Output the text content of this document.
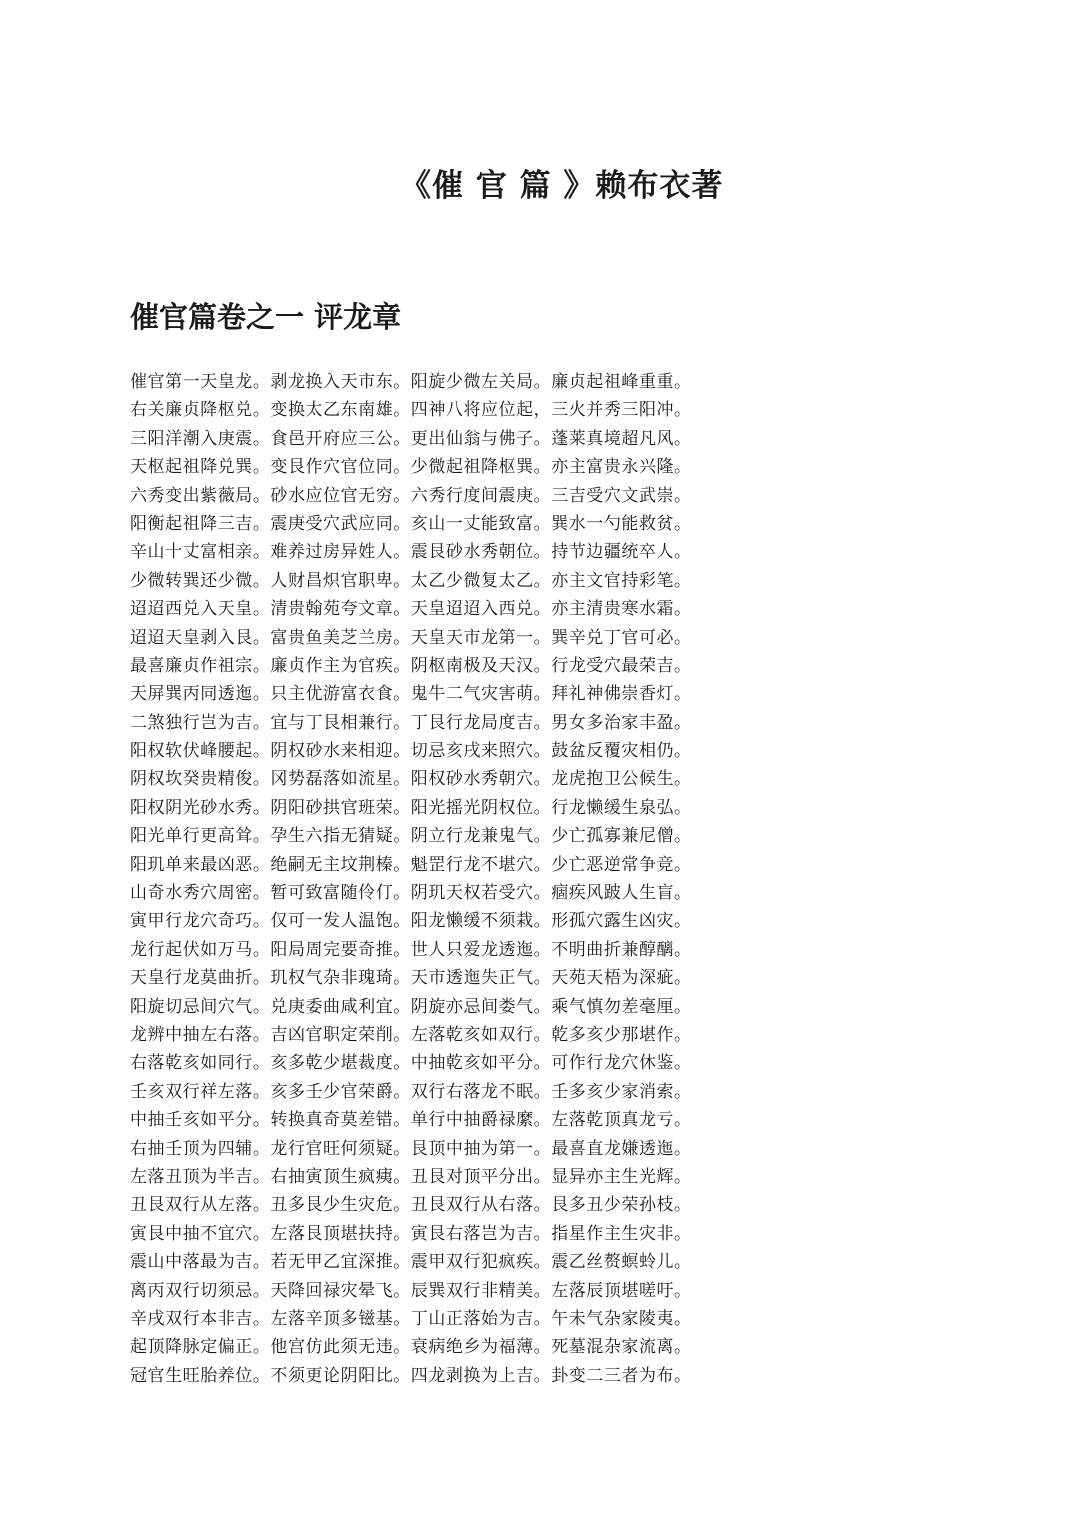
《催 官 篇 》赖布衣著
催官篇卷之一 评龙章
催官第一天皇龙。剥龙换入天市东。阳旋少微左关局。廉贞起祖峰重重。
右关廉贞降枢兑。变换太乙东南雄。四神八将应位起，三火并秀三阳冲。
三阳洋潮入庚震。食邑开府应三公。更出仙翁与佛子。蓬莱真境超凡风。
天枢起祖降兑巽。变艮作穴官位同。少微起祖降枢巽。亦主富贵永兴隆。
六秀变出紫薇局。砂水应位官无穷。六秀行度间震庚。三吉受穴文武崇。
阳衡起祖降三吉。震庚受穴武应同。亥山一丈能致富。巽水一勺能救贫。
辛山十丈富相亲。难养过房异姓人。震艮砂水秀朝位。持节边疆统卒人。
少微转巽还少微。人财昌炽官职卑。太乙少微复太乙。亦主文官持彩笔。
迢迢西兑入天皇。清贵翰苑夸文章。天皇迢迢入西兑。亦主清贵寒水霜。
迢迢天皇剥入艮。富贵鱼美芝兰房。天皇天市龙第一。巽辛兑丁官可必。
最喜廉贞作祖宗。廉贞作主为官疾。阴枢南极及天汉。行龙受穴最荣吉。
天屏巽丙同透迤。只主优游富衣食。鬼牛二气灾害萌。拜礼神佛崇香灯。
二煞独行岂为吉。宜与丁艮相兼行。丁艮行龙局度吉。男女多治家丰盈。
阳权软伏峰腰起。阴权砂水来相迎。切忌亥戌来照穴。鼓盆反覆灾相仍。
阴权坎癸贵精俊。冈势磊落如流星。阳权砂水秀朝穴。龙虎抱卫公候生。
阳权阴光砂水秀。阴阳砂拱官班荣。阳光摇光阴权位。行龙懒缓生泉弘。
阳光单行更高耸。孕生六指无猜疑。阴立行龙兼鬼气。少亡孤寡兼尼僧。
阳玑单来最凶恶。绝嗣无主坟荆榛。魁罡行龙不堪穴。少亡恶逆常争竞。
山奇水秀穴周密。暂可致富随伶仃。阴玑天权若受穴。痼疾风跛人生盲。
寅甲行龙穴奇巧。仅可一发人温饱。阳龙懒缓不须栽。形孤穴露生凶灾。
龙行起伏如万马。阳局周完要奇推。世人只爱龙透迤。不明曲折兼醇醨。
天皇行龙莫曲折。玑权气杂非瑰琦。天市透迤失正气。天苑天梧为深疵。
阳旋切忌间穴气。兑庚委曲咸利宜。阴旋亦忌间娄气。乘气慎勿差毫厘。
龙辨中抽左右落。吉凶官职定荣削。左落乾亥如双行。乾多亥少那堪作。
右落乾亥如同行。亥多乾少堪裁度。中抽乾亥如平分。可作行龙穴休鉴。
壬亥双行祥左落。亥多壬少官荣爵。双行右落龙不眠。壬多亥少家消索。
中抽壬亥如平分。转换真奇莫差错。单行中抽爵禄縻。左落乾顶真龙亏。
右抽壬顶为四辅。龙行官旺何须疑。艮顶中抽为第一。最喜直龙嫌透迤。
左落丑顶为半吉。右抽寅顶生疯痍。丑艮对顶平分出。显异亦主生光辉。
丑艮双行从左落。丑多艮少生灾危。丑艮双行从右落。艮多丑少荣孙枝。
寅艮中抽不宜穴。左落艮顶堪扶持。寅艮右落岂为吉。指星作主生灾非。
震山中落最为吉。若无甲乙宜深推。震甲双行犯疯疾。震乙丝赘螟蛉儿。
离丙双行切须忌。天降回禄灾晕飞。辰巽双行非精美。左落辰顶堪嗟吁。
辛戌双行本非吉。左落辛顶多镃基。丁山正落始为吉。午未气杂家陵夷。
起顶降脉定偏正。他宫仿此须无违。衰病绝乡为福薄。死墓混杂家流离。
冠官生旺胎养位。不须更论阴阳比。四龙剥换为上吉。卦变二三者为布。
